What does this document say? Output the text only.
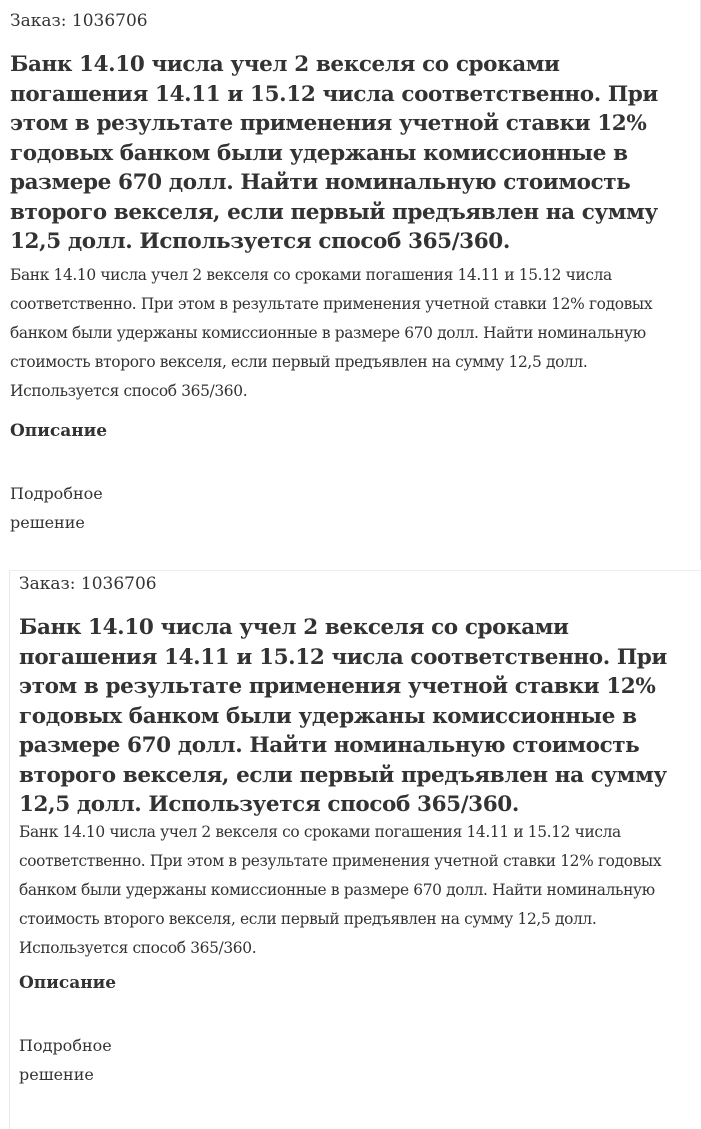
Заказ: 1036706
Банк 14.10 числа учел 2 векселя со сроками погашения 14.11 и 15.12 числа соответственно. При этом в результате применения учетной ставки 12% годовых банком были удержаны комиссионные в размере 670 долл. Найти номинальную стоимость второго векселя, если первый предъявлен на сумму 12,5 долл. Используется способ 365/360.

Банк 14.10 числа учел 2 векселя со сроками погашения 14.11 и 15.12 числа соответственно. При этом в результате применения учетной ставки 12% годовых банком были удержаны комиссионные в размере 670 долл. Найти номинальную стоимость второго векселя, если первый предъявлен на сумму 12,5 долл. Используется способ 365/360.

Описание
Подробное решение
Заказ: 1036706
Банк 14.10 числа учел 2 векселя со сроками погашения 14.11 и 15.12 числа соответственно. При этом в результате применения учетной ставки 12% годовых банком были удержаны комиссионные в размере 670 долл. Найти номинальную стоимость второго векселя, если первый предъявлен на сумму 12,5 долл. Используется способ 365/360.

Банк 14.10 числа учел 2 векселя со сроками погашения 14.11 и 15.12 числа соответственно. При этом в результате применения учетной ставки 12% годовых банком были удержаны комиссионные в размере 670 долл. Найти номинальную стоимость второго векселя, если первый предъявлен на сумму 12,5 долл. Используется способ 365/360.

Описание
Подробное решение
